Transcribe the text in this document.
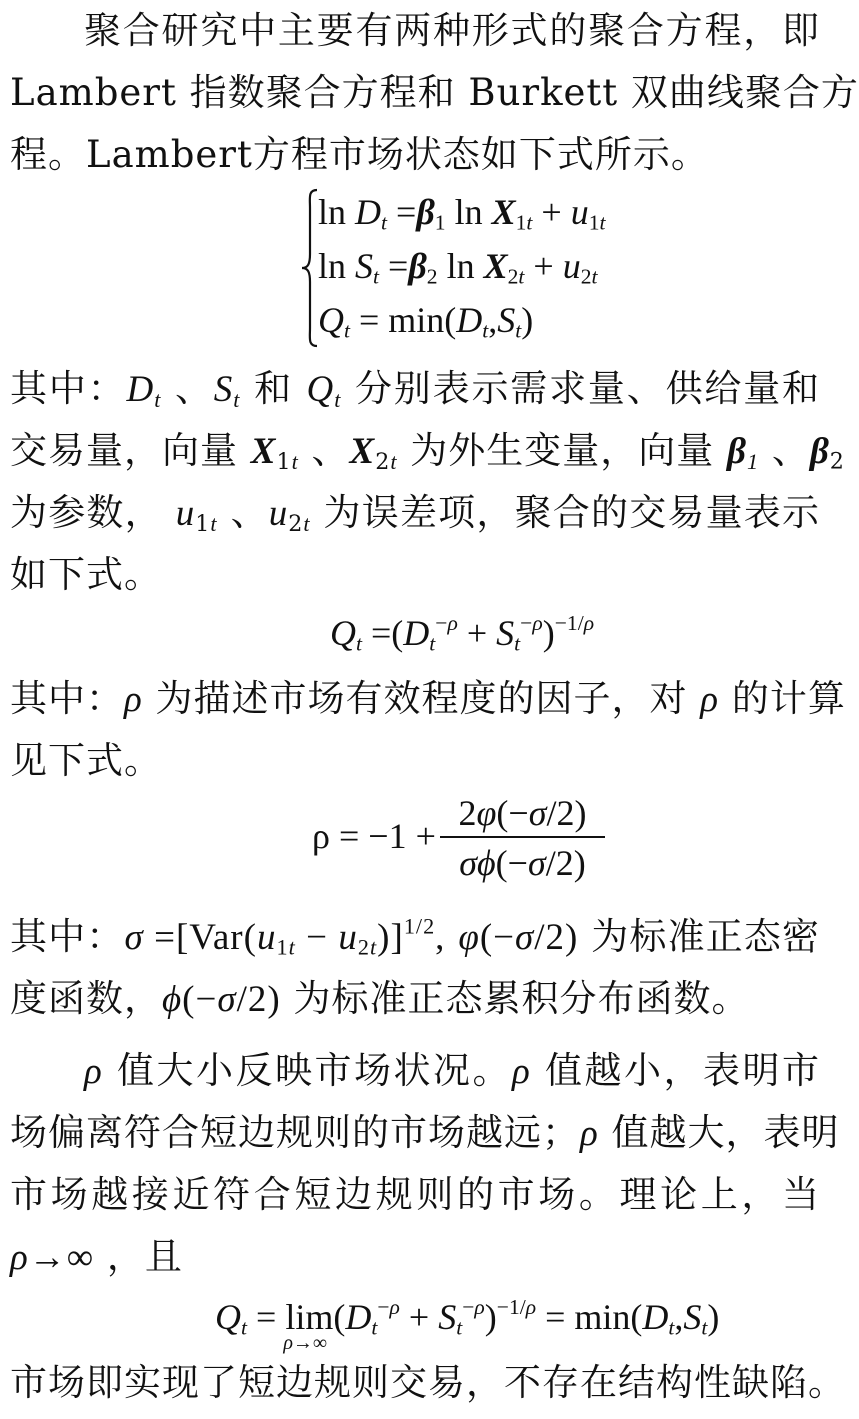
聚合研究中主要有两种形式的聚合方程，即
Lambert 指数聚合方程和 Burkett 双曲线聚合方
程。Lambert方程市场状态如下式所示。
$\ln D_t =\beta_1$ $\ln X_{1t} + u_{1t}$
$\ln S_t =\beta_2$ $\ln X_{2t} + u_{2t}$
$Q_t = \min(D_t,S_t)$
其中：$D_t$ 、$S_t$ 和 $Q_t$ 分别表示需求量、供给量和
交易量，向量 $X_{1t}$ 、$X_{2t}$ 为外生变量，向量 $\beta_1$ 、$\beta_2$
为参数， $u_{1t}$ 、$u_{2t}$ 为误差项，聚合的交易量表示
如下式。
$Q_t =(D_t^{-\rho} + S_t^{-\rho})^{-1/\rho}$
其中：ρ 为描述市场有效程度的因子，对 ρ 的计算
见下式。
ρ = −1 +
2φ(−σ/2)
σϕ(−σ/2)
其中：$\sigma =[Var(u_{1t} - u_{2t})]^{1/2}$, φ(−σ/2) 为标准正态密
度函数，ϕ(−σ/2) 为标准正态累积分布函数。
ρ 值大小反映市场状况。ρ 值越小，表明市
场偏离符合短边规则的市场越远；ρ 值越大，表明
市场越接近符合短边规则的市场。理论上，当
ρ→∞ ，且
$Q_t = \lim$
ρ→∞
$(D_t^{-\rho} + S_t^{-\rho})^{-1/\rho} = \min(D_t,S_t)$
市场即实现了短边规则交易，不存在结构性缺陷。
